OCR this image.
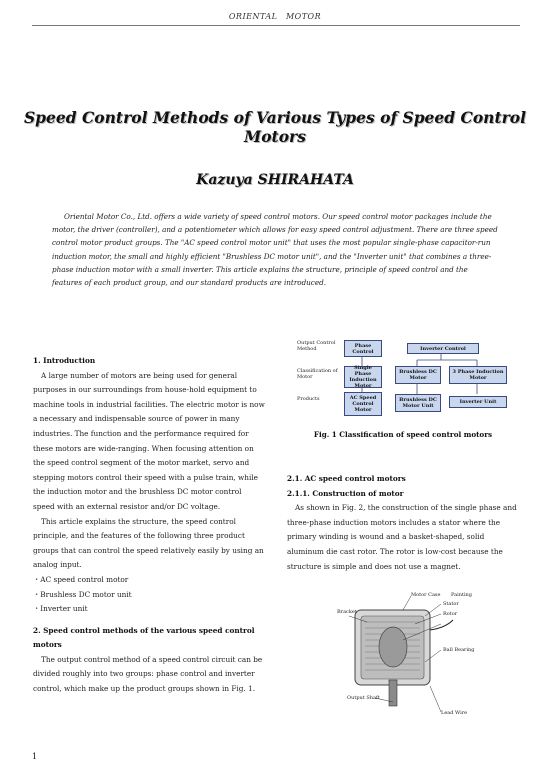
ORIENTAL　MOTOR
Speed Control Methods of Various Types of Speed Control Motors
Kazuya SHIRAHATA
Oriental Motor Co., Ltd. offers a wide variety of speed control motors. Our speed control motor packages include the motor, the driver (controller), and a potentiometer which allows for easy speed control adjustment. There are three speed control motor product groups. The "AC speed control motor unit" that uses the most popular single-phase capacitor-run induction motor, the small and highly efficient "Brushless DC motor unit", and the "Inverter unit" that combines a three-phase induction motor with a small inverter. This article explains the structure, principle of speed control and the features of each product group, and our standard products are introduced.
1. Introduction
A large number of motors are being used for general purposes in our surroundings from house-hold equipment to machine tools in industrial facilities. The electric motor is now a necessary and indispensable source of power in many industries. The function and the performance required for these motors are wide-ranging. When focusing attention on the speed control segment of the motor market, servo and stepping motors control their speed with a pulse train, while the induction motor and the brushless DC motor control speed with an external resistor and/or DC voltage.
This article explains the structure, the speed control principle, and the features of the following three product groups that can control the speed relatively easily by using an analog input.
・AC speed control motor
・Brushless DC motor unit
・Inverter unit
2. Speed control methods of the various speed control motors
The output control method of a speed control circuit can be divided roughly into two groups: phase control and inverter control, which make up the product groups shown in Fig. 1.
Output Control Method
Classification of Motor
Products
Phase Control	Inverter Control
Single Phase Induction Motor
Brushless DC Motor
3 Phase Induction Motor
AC Speed Control Motor
Brushless DC Motor Unit
Inverter Unit
Fig. 1 Classification of speed control motors
2.1. AC speed control motors
2.1.1. Construction of motor
As shown in Fig. 2, the construction of the single phase and three-phase induction motors includes a stator where the primary winding is wound and a basket-shaped, solid aluminum die cast rotor. The rotor is low-cost because the structure is simple and does not use a magnet.
Motor Case Painting
Stator
Bracket	Rotor
Ball Bearing
Output Shaft
Lead Wire
1
